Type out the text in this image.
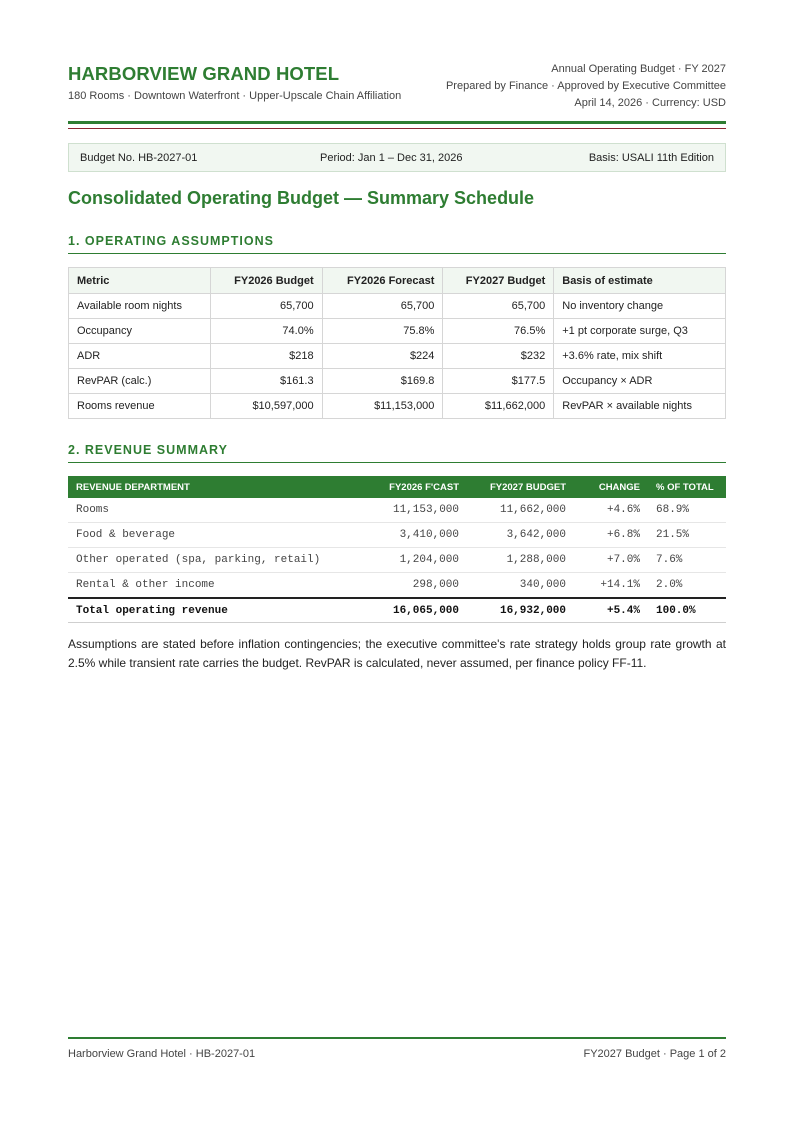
HARBORVIEW GRAND HOTEL
180 Rooms · Downtown Waterfront · Upper-Upscale Chain Affiliation
Annual Operating Budget · FY 2027
Prepared by Finance · Approved by Executive Committee
April 14, 2026 · Currency: USD
Budget No. HB-2027-01	Period: Jan 1 – Dec 31, 2026	Basis: USALI 11th Edition
Consolidated Operating Budget — Summary Schedule
1. OPERATING ASSUMPTIONS
Metric	FY2026 Budget	FY2026 Forecast	FY2027 Budget	Basis of estimate
Available room nights	65,700	65,700	65,700	No inventory change
Occupancy	74.0%	75.8%	76.5%	+1 pt corporate surge, Q3
ADR	$218	$224	$232	+3.6% rate, mix shift
RevPAR (calc.)	$161.3	$169.8	$177.5	Occupancy × ADR
Rooms revenue	$10,597,000	$11,153,000	$11,662,000	RevPAR × available nights
2. REVENUE SUMMARY
REVENUE DEPARTMENT	FY2026 F'CAST	FY2027 BUDGET	CHANGE	% OF TOTAL
Rooms	11,153,000	11,662,000	+4.6%	68.9%
Food & beverage	3,410,000	3,642,000	+6.8%	21.5%
Other operated (spa, parking, retail)	1,204,000	1,288,000	+7.0%	7.6%
Rental & other income	298,000	340,000	+14.1%	2.0%
Total operating revenue	16,065,000	16,932,000	+5.4%	100.0%
Assumptions are stated before inflation contingencies; the executive committee's rate strategy holds group rate growth at 2.5% while transient rate carries the budget. RevPAR is calculated, never assumed, per finance policy FF-11.
Harborview Grand Hotel · HB-2027-01	FY2027 Budget · Page 1 of 2
